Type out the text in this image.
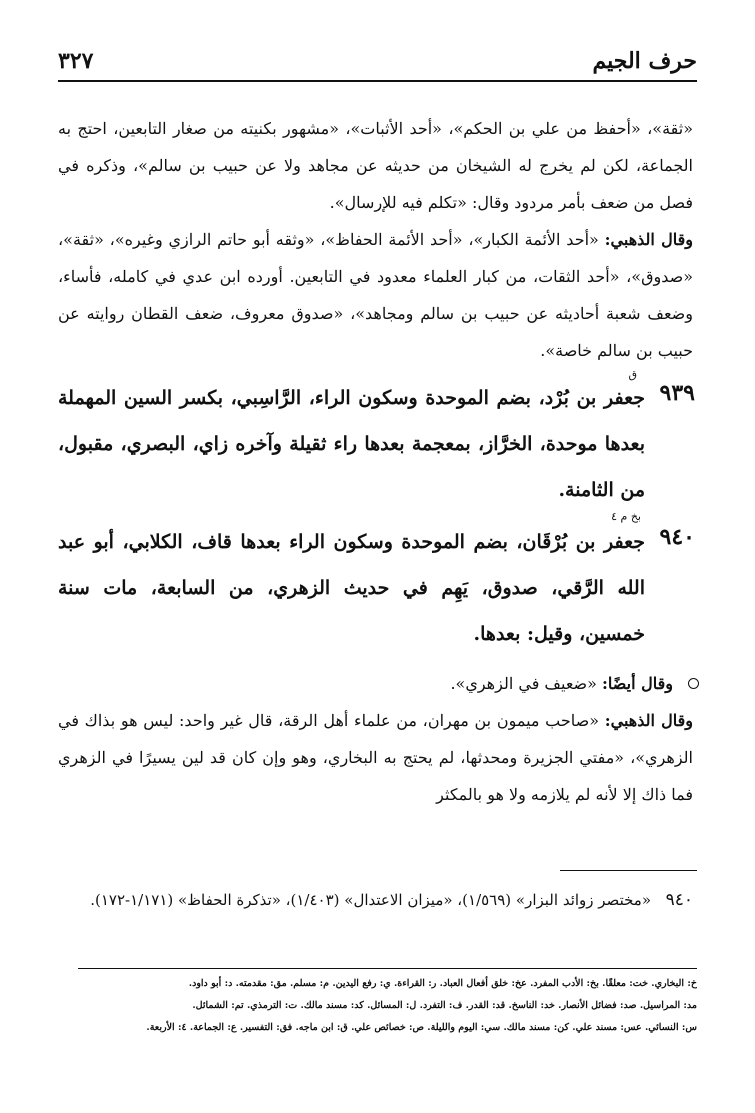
حرف الجيم
٣٢٧

«ثقة»، «أحفظ من علي بن الحكم»، «أحد الأثبات»، «مشهور بكنيته من صغار التابعين، احتج به الجماعة، لكن لم يخرج له الشيخان من حديثه عن مجاهد ولا عن حبيب بن سالم»، وذكره في فصل من ضعف بأمر مردود وقال: «تكلم فيه للإرسال».

وقال الذهبي: «أحد الأئمة الكبار»، «أحد الأئمة الحفاظ»، «وثقه أبو حاتم الرازي وغيره»، «ثقة»، «صدوق»، «أحد الثقات، من كبار العلماء معدود في التابعين. أورده ابن عدي في كامله، فأساء، وضعف شعبة أحاديثه عن حبيب بن سالم ومجاهد»، «صدوق معروف، ضعف القطان روايته عن حبيب بن سالم خاصة».

ق
٩٣٩
جعفر بن بُرْد، بضم الموحدة وسكون الراء، الرَّاسِبي، بكسر السين المهملة بعدها موحدة، الخرَّاز، بمعجمة بعدها راء ثقيلة وآخره زاي، البصري، مقبول، من الثامنة.
بخ م ٤
٩٤٠
جعفر بن بُرْقَان، بضم الموحدة وسكون الراء بعدها قاف، الكلابي، أبو عبد الله الرَّقي، صدوق، يَهِم في حديث الزهري، من السابعة، مات سنة خمسين، وقيل: بعدها.

وقال أيضًا: «ضعيف في الزهري».

وقال الذهبي: «صاحب ميمون بن مهران، من علماء أهل الرقة، قال غير واحد: ليس هو بذاك في الزهري»، «مفتي الجزيرة ومحدثها، لم يحتج به البخاري، وهو وإن كان قد لين يسيرًا في الزهري فما ذاك إلا لأنه لم يلازمه ولا هو بالمكثر

٩٤٠
«مختصر زوائد البزار» (١/٥٦٩)، «ميزان الاعتدال» (١/٤٠٣)، «تذكرة الحفاظ» (١/١٧١-١٧٢).
خ: البخاري. خت: معلقًا. بخ: الأدب المفرد. عخ: خلق أفعال العباد. ر: القراءة. ي: رفع اليدين. م: مسلم. مق: مقدمته. د: أبو داود.
مد: المراسيل. صد: فضائل الأنصار. خد: الناسخ. قد: القدر. ف: التفرد. ل: المسائل. كد: مسند مالك. ت: الترمذي. تم: الشمائل.
س: النسائي. عس: مسند علي. كن: مسند مالك. سي: اليوم والليلة. ص: خصائص علي. ق: ابن ماجه. فق: التفسير. ع: الجماعة. ٤: الأربعة.
